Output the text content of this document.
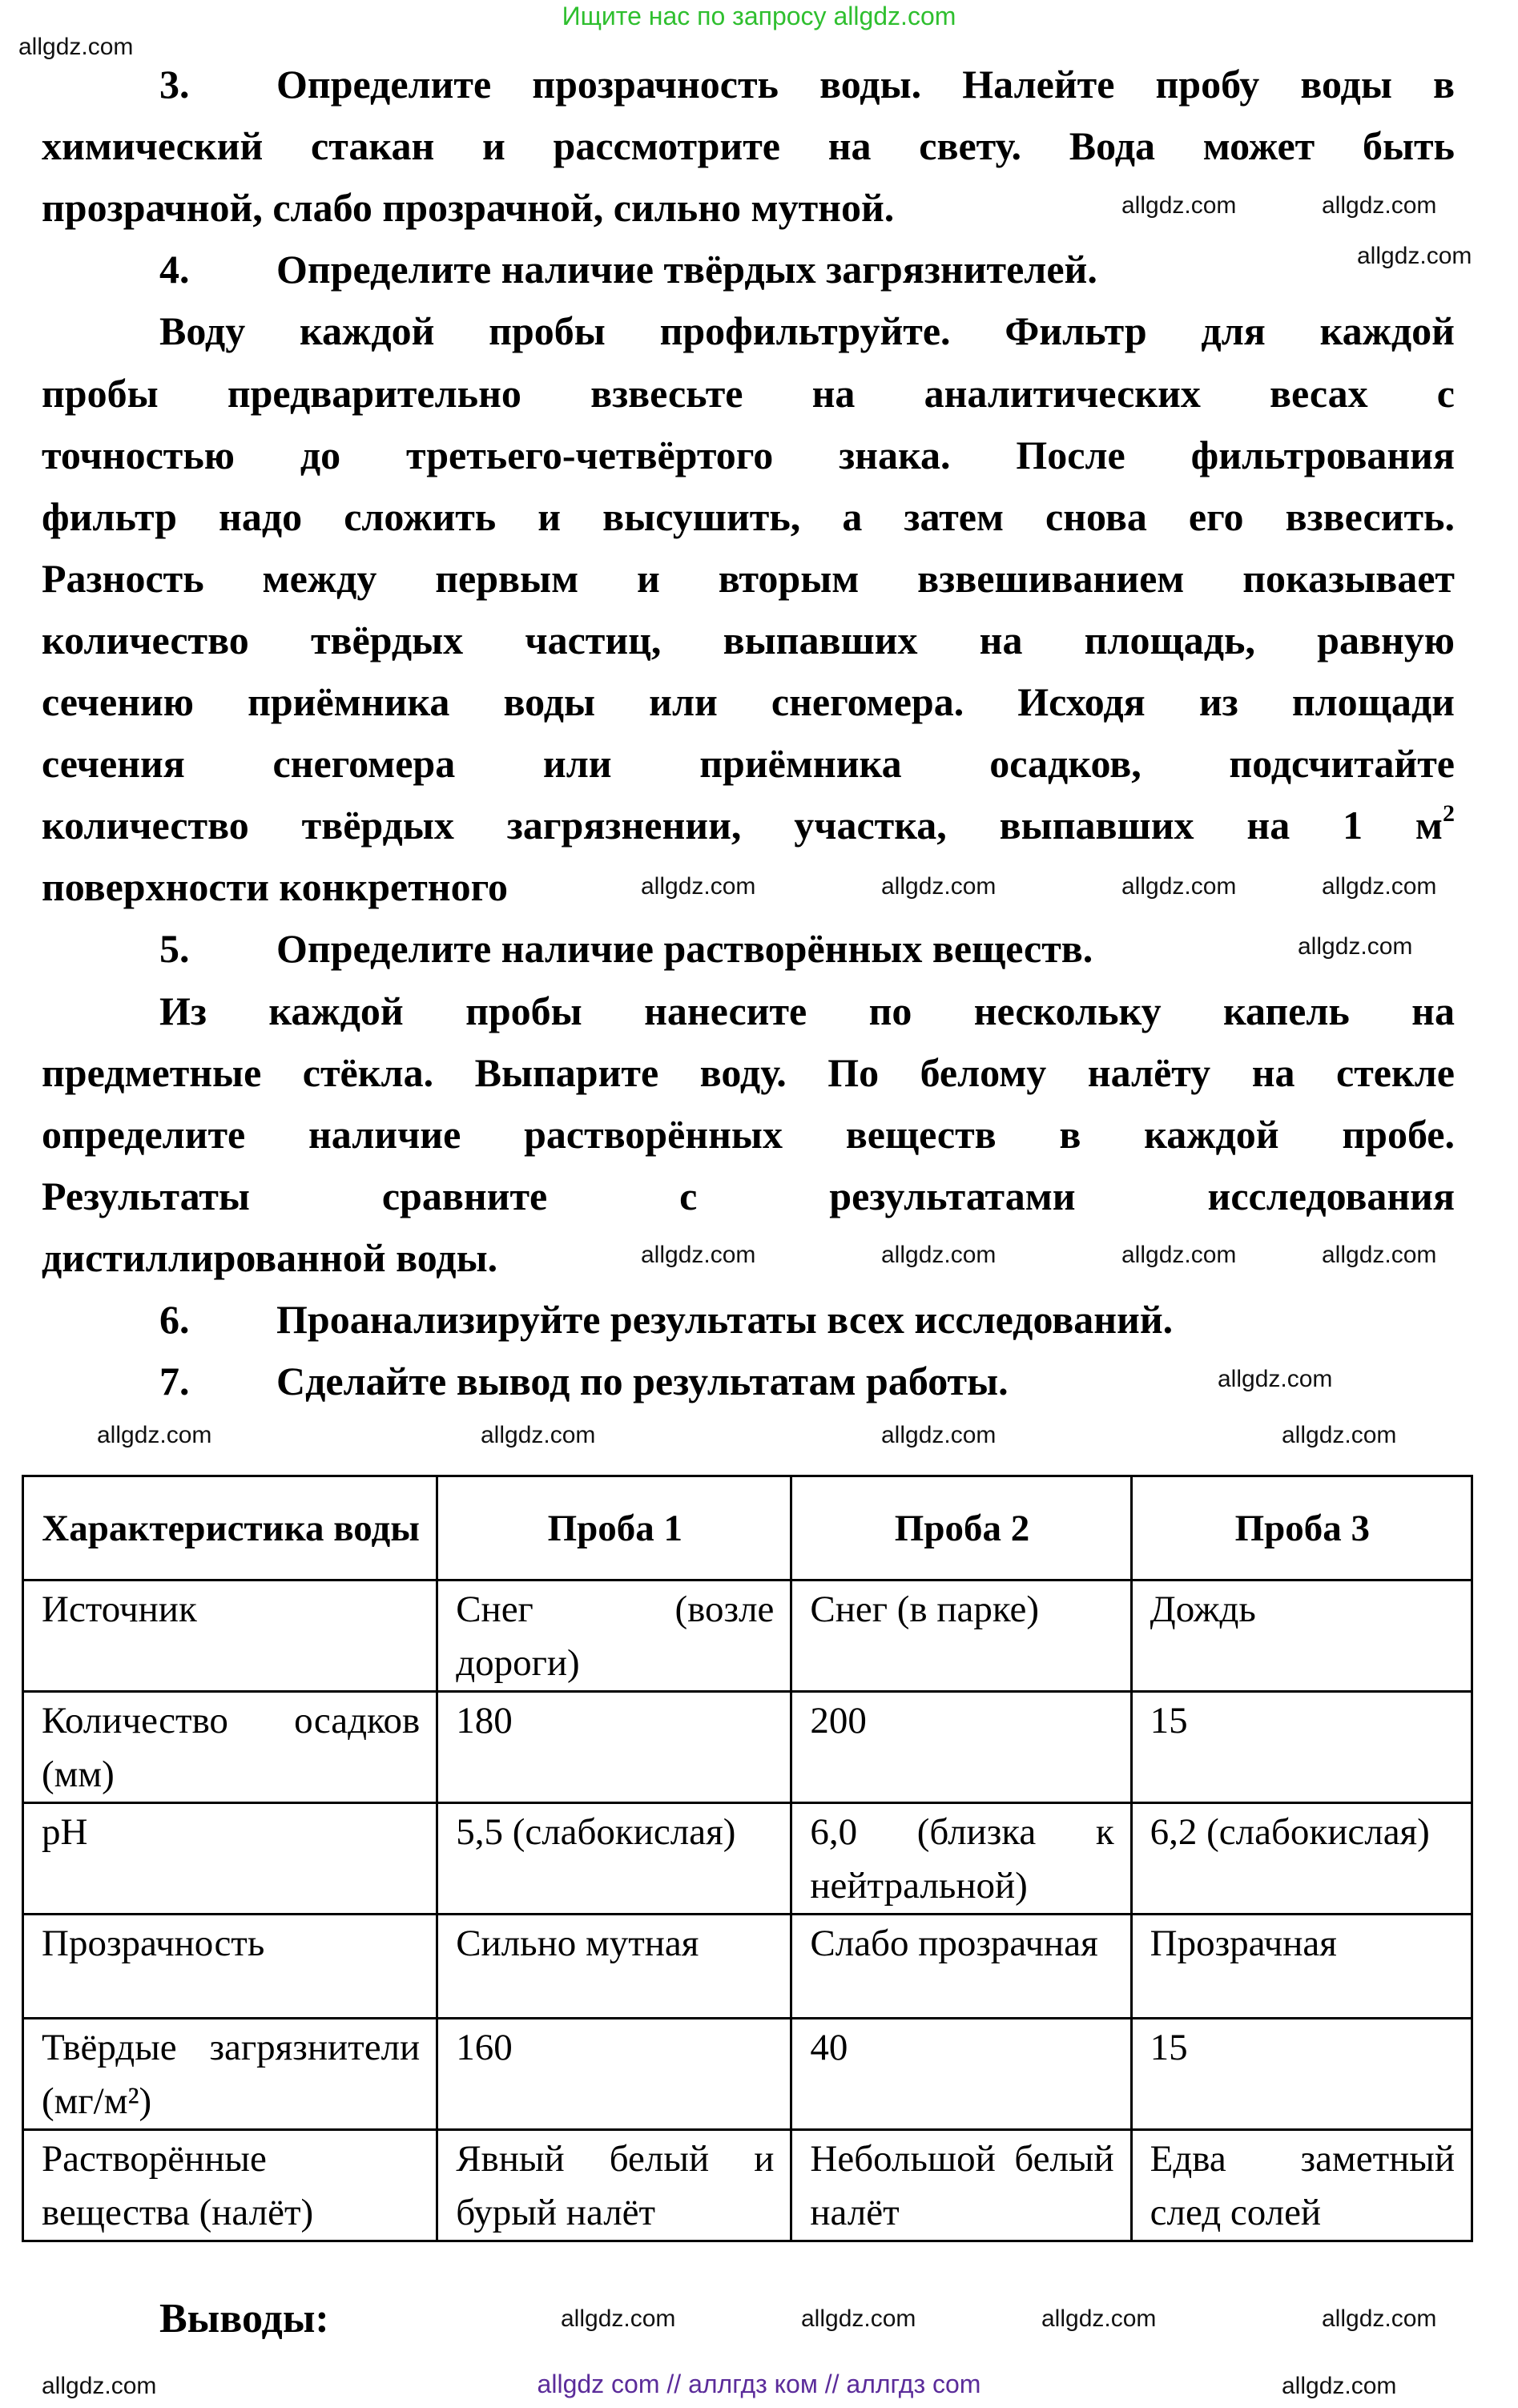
Ищите нас по запросу allgdz.com
3. Определите прозрачность воды. Налейте пробу воды в
химический стакан и рассмотрите на свету. Вода может быть
прозрачной, слабо прозрачной, сильно мутной.
4. Определите наличие твёрдых загрязнителей.
Воду каждой пробы профильтруйте. Фильтр для каждой
пробы предварительно взвесьте на аналитических весах с
точностью до третьего-четвёртого знака. После фильтрования
фильтр надо сложить и высушить, а затем снова его взвесить.
Разность между первым и вторым взвешиванием показывает
количество твёрдых частиц, выпавших на площадь, равную
сечению приёмника воды или снегомера. Исходя из площади
сечения снегомера или приёмника осадков, подсчитайте
количество твёрдых загрязнении, участка, выпавших на 1 $м^2$
поверхности конкретного
5. Определите наличие растворённых веществ.
Из каждой пробы нанесите по нескольку капель на
предметные стёкла. Выпарите воду. По белому налёту на стекле
определите наличие растворённых веществ в каждой пробе.
Результаты сравните с результатами исследования
дистиллированной воды.
6. Проанализируйте результаты всех исследований.
7. Сделайте вывод по результатам работы.
Характеристика воды	Проба 1	Проба 2	Проба 3
Источник	Снег (возле дороги)	Снег (в парке)	Дождь
Количество осадков (мм)	180	200	15
pH	5,5 (слабокислая)	6,0 (близка к нейтральной)	6,2 (слабокислая)
Прозрачность	Сильно мутная	Слабо прозрачная	Прозрачная
Твёрдые загрязнители (мг/м²)	160	40	15
Растворённые вещества (налёт)	Явный белый и бурый налёт	Небольшой белый налёт	Едва заметный след солей
Выводы:
allgdz.com
allgdz.com	allgdz.com
allgdz.com
allgdz.com	allgdz.com	allgdz.com	allgdz.com
allgdz.com
allgdz.com	allgdz.com	allgdz.com	allgdz.com
allgdz.com
allgdz.com	allgdz.com	allgdz.com	allgdz.com
allgdz.com	allgdz.com	allgdz.com	allgdz.com
allgdz.com	allgdz.com
allgdz com // аллгдз ком // аллгдз com
